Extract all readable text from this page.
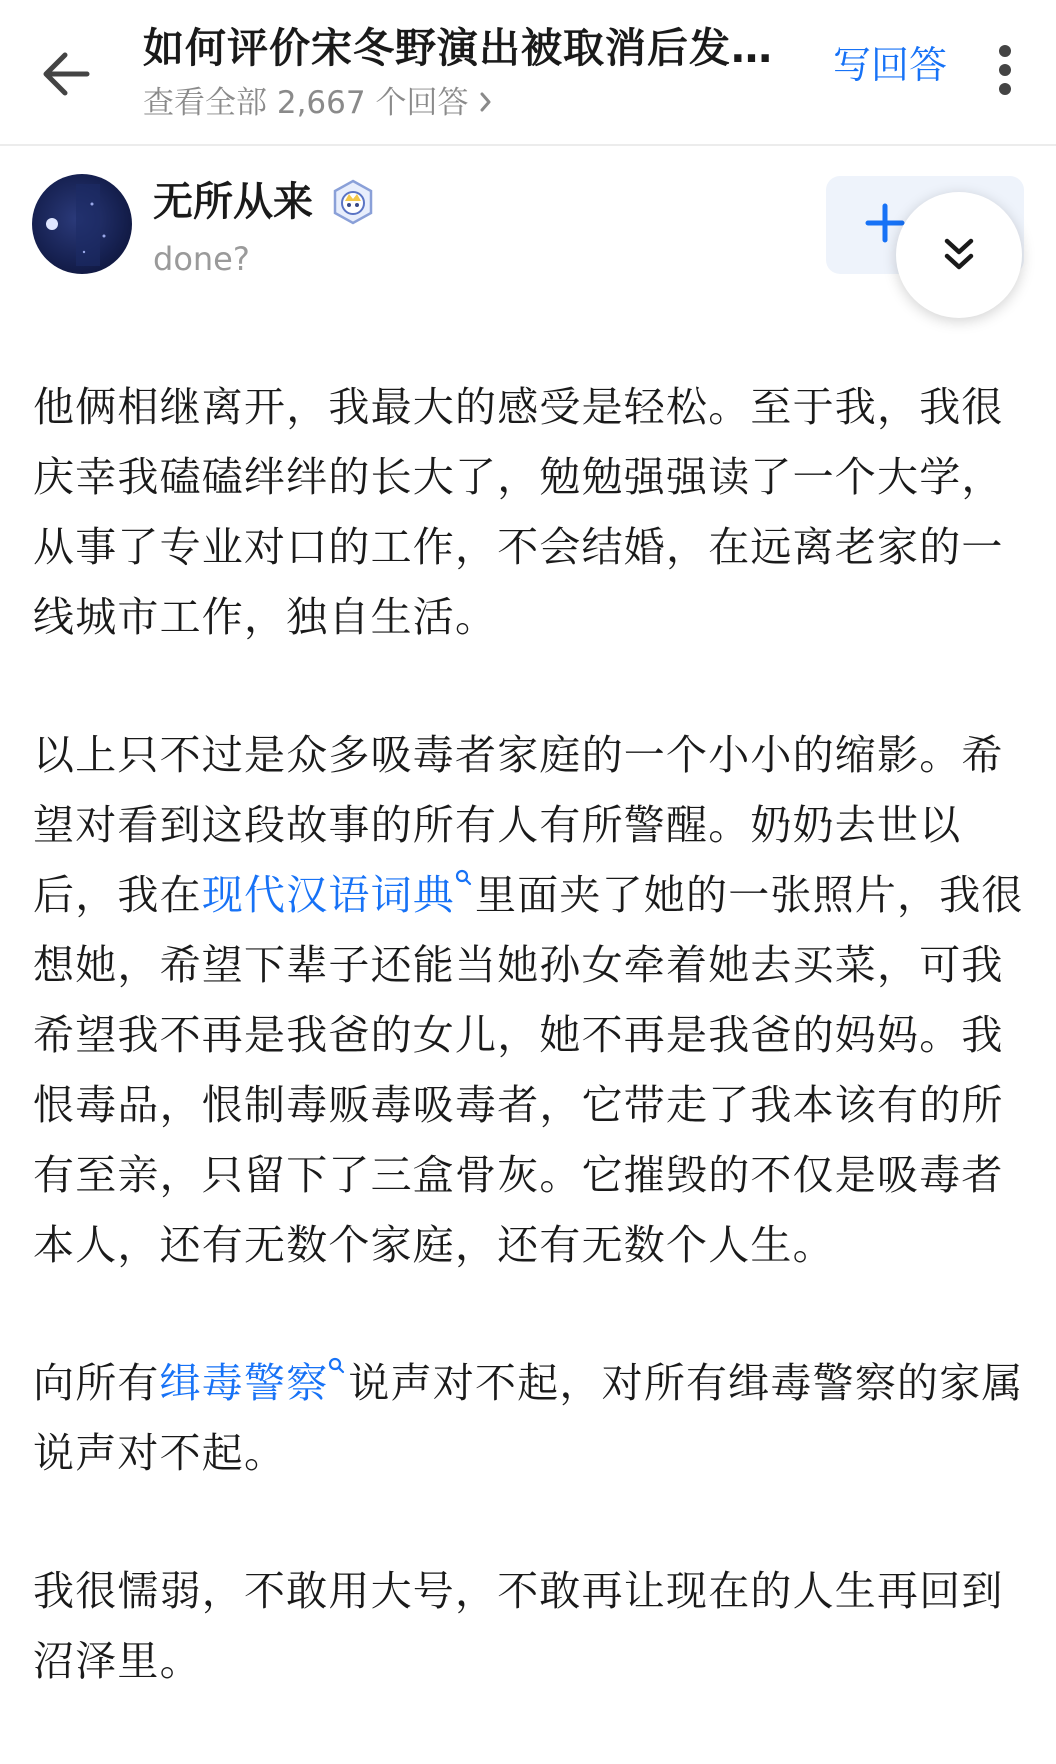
如何评价宋冬野演出被取消后发…
查看全部 2,667 个回答
写回答
无所从来
done?

他俩相继离开，我最大的感受是轻松。至于我，我很庆幸我磕磕绊绊的长大了，勉勉强强读了一个大学，从事了专业对口的工作，不会结婚，在远离老家的一线城市工作，独自生活。

以上只不过是众多吸毒者家庭的一个小小的缩影。希望对看到这段故事的所有人有所警醒。奶奶去世以后，我在现代汉语词典 里面夹了她的一张照片，我很想她，希望下辈子还能当她孙女牵着她去买菜，可我希望我不再是我爸的女儿，她不再是我爸的妈妈。我恨毒品，恨制毒贩毒吸毒者，它带走了我本该有的所有至亲，只留下了三盒骨灰。它摧毁的不仅是吸毒者本人，还有无数个家庭，还有无数个人生。

向所有缉毒警察 说声对不起，对所有缉毒警察的家属说声对不起。

我很懦弱，不敢用大号，不敢再让现在的人生再回到沼泽里。
